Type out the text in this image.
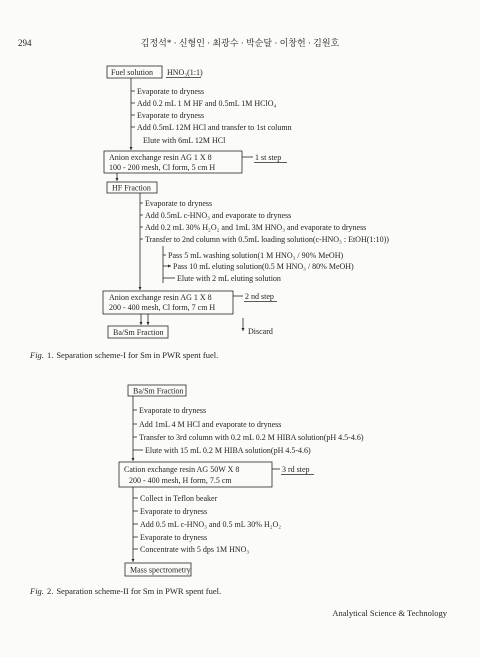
294	김정석* · 신형인 · 최광수 · 박순달 · 이창헌 · 김원호
Fuel solution HNO₃(1:1)
Evaporate to dryness
Add 0.2 mL 1 M HF and 0.5mL 1M HClO₄
Evaporate to dryness
Add 0.5mL 12M HCl and transfer to 1st column
Elute with 6mL 12M HCl
Anion exchange resin AG 1 X 8
100 - 200 mesh, Cl form, 5 cm H
1 st step
HF Fraction
Evaporate to dryness
Add 0.5mL c-HNO₃ and evaporate to dryness
Add 0.2 mL 30% H₂O₂ and 1mL 3M HNO₃ and evaporate to dryness
Transfer to 2nd column with 0.5mL loading solution(c-HNO₃ : EtOH(1:10))
Pass 5 mL washing solution(1 M HNO₃ / 90% MeOH)
Pass 10 mL eluting solution(0.5 M HNO₃ / 80% MeOH)
Elute with 2 mL eluting solution
Anion exchange resin AG 1 X 8
200 - 400 mesh, Cl form, 7 cm H
2 nd step
Ba/Sm Fraction	Discard
Fig. 1. Separation scheme-I for Sm in PWR spent fuel.
Ba/Sm Fraction
Evaporate to dryness
Add 1mL 4 M HCl and evaporate to dryness
Transfer to 3rd column with 0.2 mL 0.2 M HIBA solution(pH 4.5-4.6)
Elute with 15 mL 0.2 M HIBA solution(pH 4.5-4.6)
Cation exchange resin AG 50W X 8
200 - 400 mesh, H form, 7.5 cm
3 rd step
Collect in Teflon beaker
Evaporate to dryness
Add 0.5 mL c-HNO₃ and 0.5 mL 30% H₂O₂
Evaporate to dryness
Concentrate with 5 dps 1M HNO₃
Mass spectrometry
Fig. 2. Separation scheme-II for Sm in PWR spent fuel.
Analytical Science & Technology
